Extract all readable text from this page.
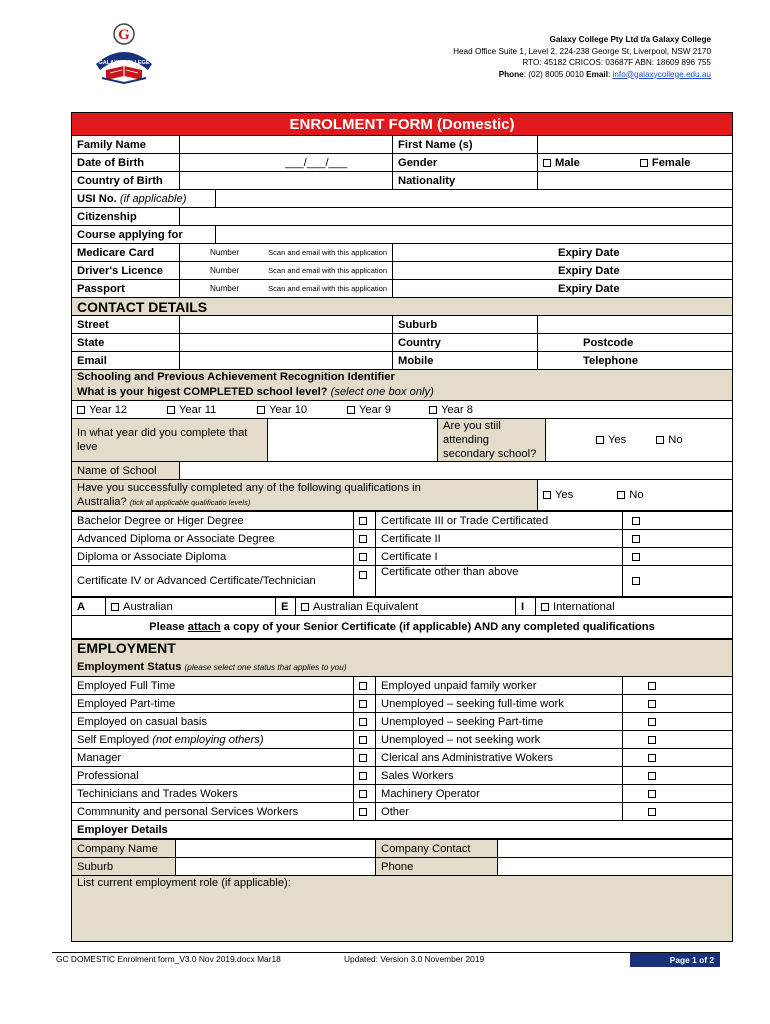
G
GALAXY COLLEGE
Galaxy College Pty Ltd t/a Galaxy College
Head Office Suite 1, Level 2, 224-238 George St, Liverpool, NSW 2170
RTO: 45182 CRICOS: 03687F ABN: 18609 896 755
Phone: (02) 8005 0010 Email: info@galaxycollege.edu.au
ENROLMENT FORM (Domestic)							
Family Name				First Name (s)			
Date of Birth	___/___/___			Gender		Male Female	
Country of Birth				Nationality			
USI No. (if applicable)							
Citizenship							
Course applying for							
Medicare Card	Number Scan and email with this application			Expiry Date			
Driver's Licence	Number Scan and email with this application			Expiry Date			
Passport	Number Scan and email with this application			Expiry Date			
CONTACT DETAILS							
Street				Suburb			
State				Country		Postcode	
Email				Mobile		Telephone	
Schooling and Previous Achievement Recognition Identifier
What is your higest COMPLETED school level? (select one box only)							
Year 12 Year 11 Year 10 Year 9 Year 8							
In what year did you complete that leve					Are you stiil attending secondary school?		Yes No
Name of School							
Have you successfully completed any of the following qualifications in
Australia? (tick all applicable qualificatio levels)						Yes No	
Bachelor Degree or Higer Degree		Certificate III or Trade Certificated	
Advanced Diploma or Associate Degree		Certificate II	
Diploma or Associate Diploma		Certificate I	
Certificate IV or Advanced Certificate/Technician		Certificate other than above	
A	Australian	E	Australian Equivalent	I	International
Please attach a copy of your Senior Certificate (if applicable) AND any completed qualifications
EMPLOYMENT
Employment Status (please select one status that applies to you)			
Employed Full Time		Employed unpaid family worker	
Employed Part-time		Unemployed – seeking full-time work	
Employed on casual basis		Unemployed – seeking Part-time	
Self Employed (not employing others)		Unemployed – not seeking work	
Manager		Clerical ans Administrative Wokers	
Professional		Sales Workers	
Techinicians and Trades Wokers		Machinery Operator	
Commnunity and personal Services Workers		Other	
Employer Details			
Company Name		Company Contact	
Suburb		Phone	
List current employment role (if applicable):			
GC DOMESTIC Enrolment form_V3.0 Nov 2019.docx Mar18	Updated: Version 3.0 November 2019	Page 1 of 2
